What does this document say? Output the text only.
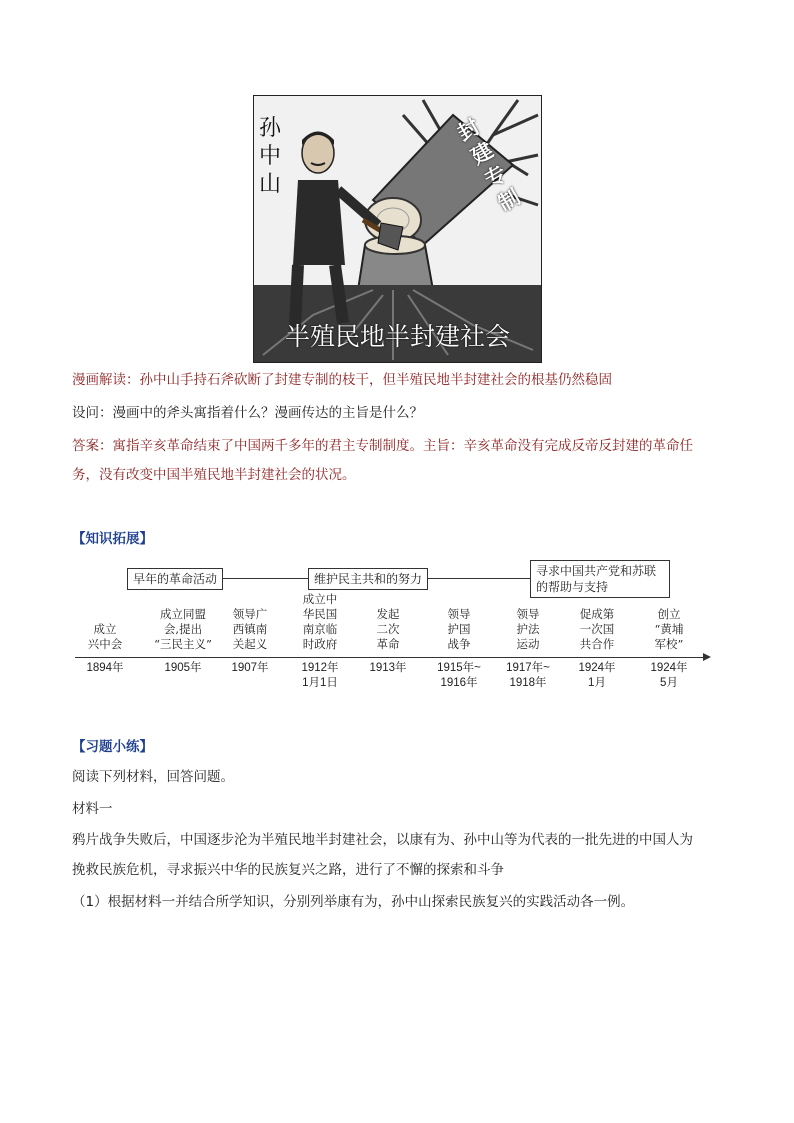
孙中山
封建专制
半殖民地半封建社会
漫画解读：孙中山手持石斧砍断了封建专制的枝干，但半殖民地半封建社会的根基仍然稳固
设问：漫画中的斧头寓指着什么？漫画传达的主旨是什么？
答案：寓指辛亥革命结束了中国两千多年的君主专制制度。主旨：辛亥革命没有完成反帝反封建的革命任
务，没有改变中国半殖民地半封建社会的状况。
【知识拓展】
早年的革命活动	维护民主共和的努力
寻求中国共产党和苏联的帮助与支持
成立
兴中会
1894年
成立同盟
会,提出
“三民主义”
1905年
领导广
西镇南
关起义
1907年
成立中
华民国
南京临
时政府
1912年
1月1日
发起
二次
革命
1913年
领导
护国
战争
1915年~
1916年
领导
护法
运动
1917年~
1918年
促成第
一次国
共合作
1924年
1月
创立
“黄埔
军校”
1924年
5月
【习题小练】
阅读下列材料，回答问题。
材料一
鸦片战争失败后，中国逐步沦为半殖民地半封建社会，以康有为、孙中山等为代表的一批先进的中国人为
挽救民族危机，寻求振兴中华的民族复兴之路，进行了不懈的探索和斗争
（1）根据材料一并结合所学知识，分别列举康有为，孙中山探索民族复兴的实践活动各一例。
